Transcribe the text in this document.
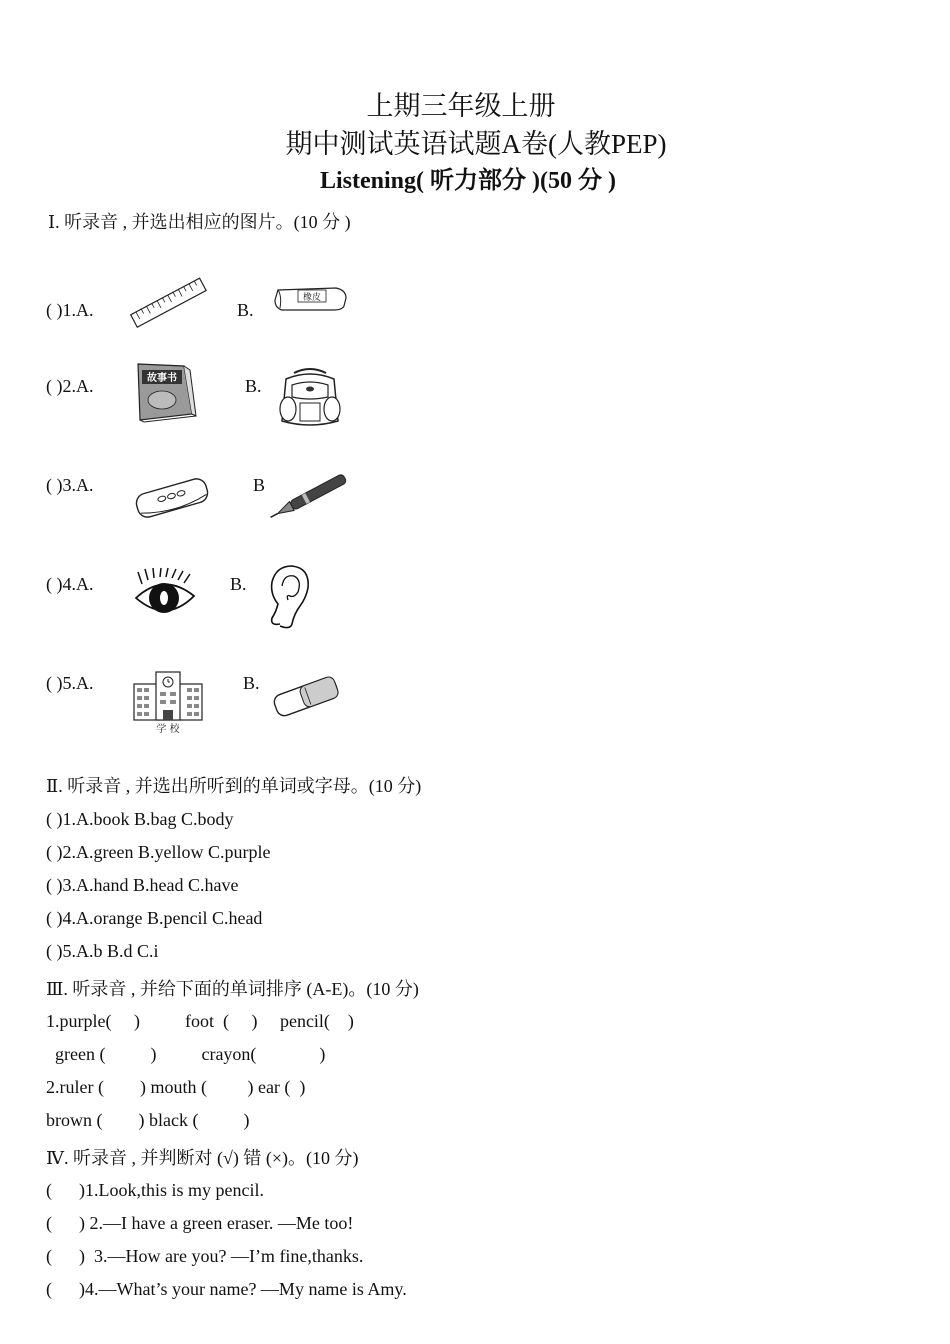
上期三年级上册
期中测试英语试题A卷(人教PEP)
Listening( 听力部分 )(50 分 )
Ⅰ. 听录音 , 并选出相应的图片。(10 分 )
( )1.A.	B.
橡皮
( )2.A.	故事书	B.
( )3.A.	B
( )4.A.	B.
( )5.A.
学 校
B.
Ⅱ. 听录音 , 并选出所听到的单词或字母。(10 分)
( )1.A.book B.bag C.body
( )2.A.green B.yellow C.purple
( )3.A.hand B.head C.have
( )4.A.orange B.pencil C.head
( )5.A.b B.d C.i
Ⅲ. 听录音 , 并给下面的单词排序 (A-E)。(10 分)
1.purple(     )          foot  (     )     pencil(    )
green (          )          crayon(              )
2.ruler (        ) mouth (         ) ear (  )
brown (        ) black (          )
Ⅳ. 听录音 , 并判断对 (√) 错 (×)。(10 分)
(      )1.Look,this is my pencil.
(      ) 2.—I have a green eraser. —Me too!
(      )  3.—How are you? —I’m fine,thanks.
(      )4.—What’s your name? —My name is Amy.
